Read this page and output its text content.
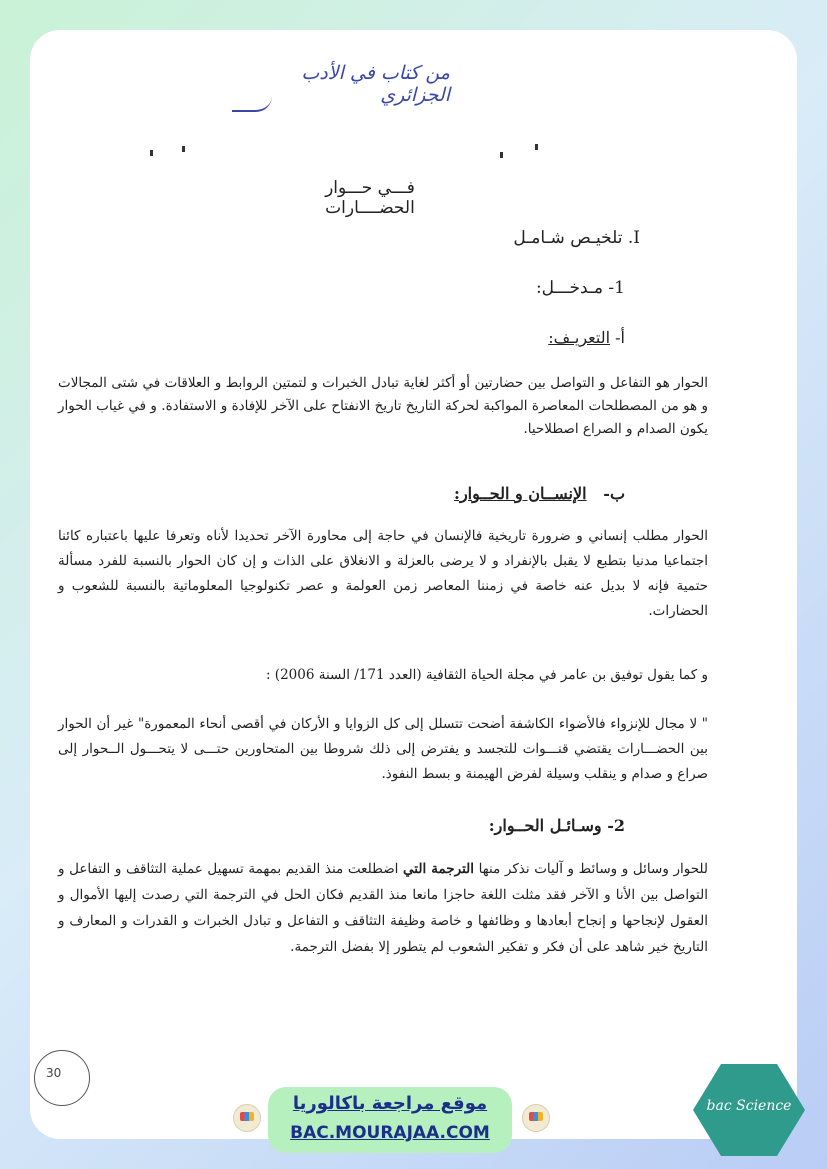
من كتاب في الأدب الجزائري
فـــي حـــوار الحضــــارات
I. تلخيـص شـامـل
1- مـدخـــل:
أ- التعريـف:
الحوار هو التفاعل و التواصل بين حضارتين أو أكثر لغاية تبادل الخبرات و لتمتين الروابط و العلاقات في شتى المجالات و هو من المصطلحات المعاصرة المواكبة لحركة التاريخ تاريخ الانفتاح على الآخر للإفادة و الاستفادة. و في غياب الحوار يكون الصدام و الصراع اصطلاحيا.
ب-   الإنســان و الحــوار:
الحوار مطلب إنساني و ضرورة تاريخية فالإنسان في حاجة إلى محاورة الآخر تحديدا لأناه وتعرفا عليها باعتباره كائنا اجتماعيا مدنيا بتطبع لا يقبل بالإنفراد و لا يرضى بالعزلة و الانغلاق على الذات و إن كان الحوار بالنسبة للفرد مسألة حتمية فإنه لا بديل عنه خاصة في زمننا المعاصر زمن العولمة و عصر تكنولوجيا المعلوماتية بالنسبة للشعوب و الحضارات.
و كما يقول توفيق بن عامر في مجلة الحياة الثقافية (العدد 171/ السنة 2006) :
" لا مجال للإنزواء فالأضواء الكاشفة أضحت تتسلل إلى كل الزوايا و الأركان في أقصى أنحاء المعمورة" غير أن الحوار بين الحضـــارات يقتضي قنـــوات للتجسد و يفترض إلى ذلك شروطا بين المتحاورين حتـــى لا يتحـــول الــحوار إلى صراع و صدام و ينقلب وسيلة لفرض الهيمنة و بسط النفوذ.
2- وسـائـل الحــوار:
للحوار وسائل و وسائط و آليات نذكر منها الترجمة التي اضطلعت منذ القديم بمهمة تسهيل عملية التثاقف و التفاعل و التواصل بين الأنا و الآخر فقد مثلت اللغة حاجزا مانعا منذ القديم فكان الحل في الترجمة التي رصدت إليها الأموال و العقول لإنجاحها و إنجاح أبعادها و وظائفها و خاصة وظيفة التثاقف و التفاعل و تبادل الخبرات و القدرات و المعارف و التاريخ خير شاهد على أن فكر و تفكير الشعوب لم يتطور إلا بفضل الترجمة.
30
موقع مراجعة باكالوريا
BAC.MOURAJAA.COM
bac Science
